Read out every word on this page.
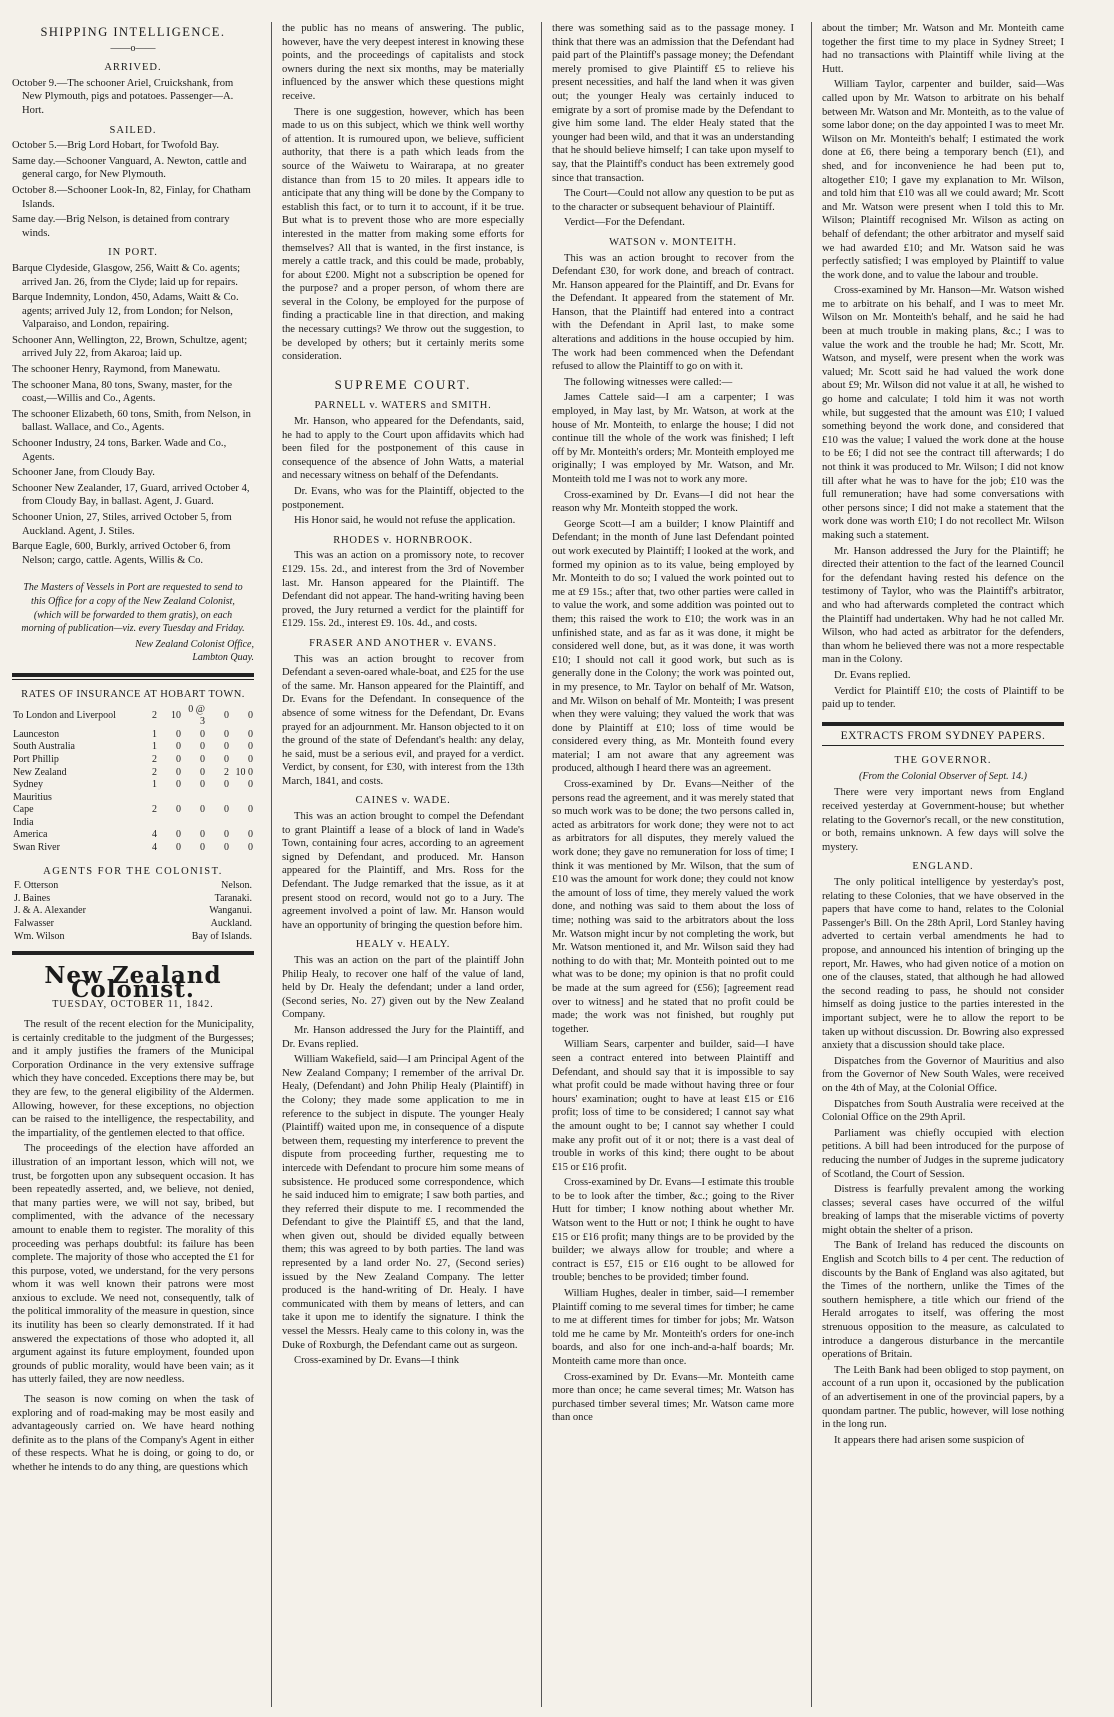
SHIPPING INTELLIGENCE.

——o——

ARRIVED.

October 9.—The schooner Ariel, Cruickshank, from New Plymouth, pigs and potatoes. Passenger—A. Hort.

SAILED.

October 5.—Brig Lord Hobart, for Twofold Bay.

Same day.—Schooner Vanguard, A. Newton, cattle and general cargo, for New Plymouth.

October 8.—Schooner Look-In, 82, Finlay, for Chatham Islands.

Same day.—Brig Nelson, is detained from contrary winds.

IN PORT.

Barque Clydeside, Glasgow, 256, Waitt & Co. agents; arrived Jan. 26, from the Clyde; laid up for repairs.

Barque Indemnity, London, 450, Adams, Waitt & Co. agents; arrived July 12, from London; for Nelson, Valparaiso, and London, repairing.

Schooner Ann, Wellington, 22, Brown, Schultze, agent; arrived July 22, from Akaroa; laid up.

The schooner Henry, Raymond, from Manewatu.

The schooner Mana, 80 tons, Swany, master, for the coast,—Willis and Co., Agents.

The schooner Elizabeth, 60 tons, Smith, from Nelson, in ballast. Wallace, and Co., Agents.

Schooner Industry, 24 tons, Barker. Wade and Co., Agents.

Schooner Jane, from Cloudy Bay.

Schooner New Zealander, 17, Guard, arrived October 4, from Cloudy Bay, in ballast. Agent, J. Guard.

Schooner Union, 27, Stiles, arrived October 5, from Auckland. Agent, J. Stiles.

Barque Eagle, 600, Burkly, arrived October 6, from Nelson; cargo, cattle. Agents, Willis & Co.

The Masters of Vessels in Port are requested to send to this Office for a copy of the New Zealand Colonist, (which will be forwarded to them gratis), on each morning of publication—viz. every Tuesday and Friday.

New Zealand Colonist Office,

Lambton Quay.

RATES OF INSURANCE AT HOBART TOWN.

To London and Liverpool	2	10	0 @ 3	0	0
Launceston	1	0	0	0	0
South Australia	1	0	0	0	0
Port Phillip	2	0	0	0	0
New Zealand	2	0	0	2	10 0
Sydney	1	0	0	0	0
Mauritius					
Cape	2	0	0	0	0
India					
America	4	0	0	0	0
Swan River	4	0	0	0	0

AGENTS FOR THE COLONIST.

F. Otterson	Nelson.
J. Baines	Taranaki.
J. & A. Alexander	Wanganui.
Falwasser	Auckland.
Wm. Wilson	Bay of Islands.

New Zealand Colonist.

TUESDAY, OCTOBER 11, 1842.

The result of the recent election for the Municipality, is certainly creditable to the judgment of the Burgesses; and it amply justifies the framers of the Municipal Corporation Ordinance in the very extensive suffrage which they have conceded. Exceptions there may be, but they are few, to the general eligibility of the Aldermen. Allowing, however, for these exceptions, no objection can be raised to the intelligence, the respectability, and the impartiality, of the gentlemen elected to that office.

The proceedings of the election have afforded an illustration of an important lesson, which will not, we trust, be forgotten upon any subsequent occasion. It has been repeatedly asserted, and, we believe, not denied, that many parties were, we will not say, bribed, but complimented, with the advance of the necessary amount to enable them to register. The morality of this proceeding was perhaps doubtful: its failure has been complete. The majority of those who accepted the £1 for this purpose, voted, we understand, for the very persons whom it was well known their patrons were most anxious to exclude. We need not, consequently, talk of the political immorality of the measure in question, since its inutility has been so clearly demonstrated. If it had answered the expectations of those who adopted it, all argument against its future employment, founded upon grounds of public morality, would have been vain; as it has utterly failed, they are now needless.

The season is now coming on when the task of exploring and of road-making may be most easily and advantageously carried on. We have heard nothing definite as to the plans of the Company's Agent in either of these respects. What he is doing, or going to do, or whether he intends to do any thing, are questions which

the public has no means of answering. The public, however, have the very deepest interest in knowing these points, and the proceedings of capitalists and stock owners during the next six months, may be materially influenced by the answer which these questions might receive.

There is one suggestion, however, which has been made to us on this subject, which we think well worthy of attention. It is rumoured upon, we believe, sufficient authority, that there is a path which leads from the source of the Waiwetu to Wairarapa, at no greater distance than from 15 to 20 miles. It appears idle to anticipate that any thing will be done by the Company to establish this fact, or to turn it to account, if it be true. But what is to prevent those who are more especially interested in the matter from making some efforts for themselves? All that is wanted, in the first instance, is merely a cattle track, and this could be made, probably, for about £200. Might not a subscription be opened for the purpose? and a proper person, of whom there are several in the Colony, be employed for the purpose of finding a practicable line in that direction, and making the necessary cuttings? We throw out the suggestion, to be developed by others; but it certainly merits some consideration.

SUPREME COURT.

PARNELL v. WATERS and SMITH.

Mr. Hanson, who appeared for the Defendants, said, he had to apply to the Court upon affidavits which had been filed for the postponement of this cause in consequence of the absence of John Watts, a material and necessary witness on behalf of the Defendants.

Dr. Evans, who was for the Plaintiff, objected to the postponement.

His Honor said, he would not refuse the application.

RHODES v. HORNBROOK.

This was an action on a promissory note, to recover £129. 15s. 2d., and interest from the 3rd of November last. Mr. Hanson appeared for the Plaintiff. The Defendant did not appear. The hand-writing having been proved, the Jury returned a verdict for the plaintiff for £129. 15s. 2d., interest £9. 10s. 4d., and costs.

FRASER AND ANOTHER v. EVANS.

This was an action brought to recover from Defendant a seven-oared whale-boat, and £25 for the use of the same. Mr. Hanson appeared for the Plaintiff, and Dr. Evans for the Defendant. In consequence of the absence of some witness for the Defendant, Dr. Evans prayed for an adjournment. Mr. Hanson objected to it on the ground of the state of Defendant's health: any delay, he said, must be a serious evil, and prayed for a verdict. Verdict, by consent, for £30, with interest from the 13th March, 1841, and costs.

CAINES v. WADE.

This was an action brought to compel the Defendant to grant Plaintiff a lease of a block of land in Wade's Town, containing four acres, according to an agreement signed by Defendant, and produced. Mr. Hanson appeared for the Plaintiff, and Mrs. Ross for the Defendant. The Judge remarked that the issue, as it at present stood on record, would not go to a Jury. The agreement involved a point of law. Mr. Hanson would have an opportunity of bringing the question before him.

HEALY v. HEALY.

This was an action on the part of the plaintiff John Philip Healy, to recover one half of the value of land, held by Dr. Healy the defendant; under a land order, (Second series, No. 27) given out by the New Zealand Company.

Mr. Hanson addressed the Jury for the Plaintiff, and Dr. Evans replied.

William Wakefield, said—I am Principal Agent of the New Zealand Company; I remember of the arrival Dr. Healy, (Defendant) and John Philip Healy (Plaintiff) in the Colony; they made some application to me in reference to the subject in dispute. The younger Healy (Plaintiff) waited upon me, in consequence of a dispute between them, requesting my interference to prevent the dispute from proceeding further, requesting me to intercede with Defendant to procure him some means of subsistence. He produced some correspondence, which he said induced him to emigrate; I saw both parties, and they referred their dispute to me. I recommended the Defendant to give the Plaintiff £5, and that the land, when given out, should be divided equally between them; this was agreed to by both parties. The land was represented by a land order No. 27, (Second series) issued by the New Zealand Company. The letter produced is the hand-writing of Dr. Healy. I have communicated with them by means of letters, and can take it upon me to identify the signature. I think the vessel the Messrs. Healy came to this colony in, was the Duke of Roxburgh, the Defendant came out as surgeon.

Cross-examined by Dr. Evans—I think

there was something said as to the passage money. I think that there was an admission that the Defendant had paid part of the Plaintiff's passage money; the Defendant merely promised to give Plaintiff £5 to relieve his present necessities, and half the land when it was given out; the younger Healy was certainly induced to emigrate by a sort of promise made by the Defendant to give him some land. The elder Healy stated that the younger had been wild, and that it was an understanding that he should believe himself; I can take upon myself to say, that the Plaintiff's conduct has been extremely good since that transaction.

The Court—Could not allow any question to be put as to the character or subsequent behaviour of Plaintiff.

Verdict—For the Defendant.

WATSON v. MONTEITH.

This was an action brought to recover from the Defendant £30, for work done, and breach of contract. Mr. Hanson appeared for the Plaintiff, and Dr. Evans for the Defendant. It appeared from the statement of Mr. Hanson, that the Plaintiff had entered into a contract with the Defendant in April last, to make some alterations and additions in the house occupied by him. The work had been commenced when the Defendant refused to allow the Plaintiff to go on with it.

The following witnesses were called:—

James Cattele said—I am a carpenter; I was employed, in May last, by Mr. Watson, at work at the house of Mr. Monteith, to enlarge the house; I did not continue till the whole of the work was finished; I left off by Mr. Monteith's orders; Mr. Monteith employed me originally; I was employed by Mr. Watson, and Mr. Monteith told me I was not to work any more.

Cross-examined by Dr. Evans—I did not hear the reason why Mr. Monteith stopped the work.

George Scott—I am a builder; I know Plaintiff and Defendant; in the month of June last Defendant pointed out work executed by Plaintiff; I looked at the work, and formed my opinion as to its value, being employed by Mr. Monteith to do so; I valued the work pointed out to me at £9 15s.; after that, two other parties were called in to value the work, and some addition was pointed out to them; this raised the work to £10; the work was in an unfinished state, and as far as it was done, it might be considered well done, but, as it was done, it was worth £10; I should not call it good work, but such as is generally done in the Colony; the work was pointed out, in my presence, to Mr. Taylor on behalf of Mr. Watson, and Mr. Wilson on behalf of Mr. Monteith; I was present when they were valuing; they valued the work that was done by Plaintiff at £10; loss of time would be considered every thing, as Mr. Monteith found every material; I am not aware that any agreement was produced, although I heard there was an agreement.

Cross-examined by Dr. Evans—Neither of the persons read the agreement, and it was merely stated that so much work was to be done; the two persons called in, acted as arbitrators for work done; they were not to act as arbitrators for all disputes, they merely valued the work done; they gave no remuneration for loss of time; I think it was mentioned by Mr. Wilson, that the sum of £10 was the amount for work done; they could not know the amount of loss of time, they merely valued the work done, and nothing was said to them about the loss of time; nothing was said to the arbitrators about the loss Mr. Watson might incur by not completing the work, but Mr. Watson mentioned it, and Mr. Wilson said they had nothing to do with that; Mr. Monteith pointed out to me what was to be done; my opinion is that no profit could be made at the sum agreed for (£56); [agreement read over to witness] and he stated that no profit could be made; the work was not finished, but roughly put together.

William Sears, carpenter and builder, said—I have seen a contract entered into between Plaintiff and Defendant, and should say that it is impossible to say what profit could be made without having three or four hours' examination; ought to have at least £15 or £16 profit; loss of time to be considered; I cannot say what the amount ought to be; I cannot say whether I could make any profit out of it or not; there is a vast deal of trouble in works of this kind; there ought to be about £15 or £16 profit.

Cross-examined by Dr. Evans—I estimate this trouble to be to look after the timber, &c.; going to the River Hutt for timber; I know nothing about whether Mr. Watson went to the Hutt or not; I think he ought to have £15 or £16 profit; many things are to be provided by the builder; we always allow for trouble; and where a contract is £57, £15 or £16 ought to be allowed for trouble; benches to be provided; timber found.

William Hughes, dealer in timber, said—I remember Plaintiff coming to me several times for timber; he came to me at different times for timber for jobs; Mr. Watson told me he came by Mr. Monteith's orders for one-inch boards, and also for one inch-and-a-half boards; Mr. Monteith came more than once.

Cross-examined by Dr. Evans—Mr. Monteith came more than once; he came several times; Mr. Watson has purchased timber several times; Mr. Watson came more than once

about the timber; Mr. Watson and Mr. Monteith came together the first time to my place in Sydney Street; I had no transactions with Plaintiff while living at the Hutt.

William Taylor, carpenter and builder, said—Was called upon by Mr. Watson to arbitrate on his behalf between Mr. Watson and Mr. Monteith, as to the value of some labor done; on the day appointed I was to meet Mr. Wilson on Mr. Monteith's behalf; I estimated the work done at £6, there being a temporary bench (£1), and shed, and for inconvenience he had been put to, altogether £10; I gave my explanation to Mr. Wilson, and told him that £10 was all we could award; Mr. Scott and Mr. Watson were present when I told this to Mr. Wilson; Plaintiff recognised Mr. Wilson as acting on behalf of defendant; the other arbitrator and myself said we had awarded £10; and Mr. Watson said he was perfectly satisfied; I was employed by Plaintiff to value the work done, and to value the labour and trouble.

Cross-examined by Mr. Hanson—Mr. Watson wished me to arbitrate on his behalf, and I was to meet Mr. Wilson on Mr. Monteith's behalf, and he said he had been at much trouble in making plans, &c.; I was to value the work and the trouble he had; Mr. Scott, Mr. Watson, and myself, were present when the work was valued; Mr. Scott said he had valued the work done about £9; Mr. Wilson did not value it at all, he wished to go home and calculate; I told him it was not worth while, but suggested that the amount was £10; I valued something beyond the work done, and considered that £10 was the value; I valued the work done at the house to be £6; I did not see the contract till afterwards; I do not think it was produced to Mr. Wilson; I did not know till after what he was to have for the job; £10 was the full remuneration; have had some conversations with other persons since; I did not make a statement that the work done was worth £10; I do not recollect Mr. Wilson making such a statement.

Mr. Hanson addressed the Jury for the Plaintiff; he directed their attention to the fact of the learned Council for the defendant having rested his defence on the testimony of Taylor, who was the Plaintiff's arbitrator, and who had afterwards completed the contract which the Plaintiff had undertaken. Why had he not called Mr. Wilson, who had acted as arbitrator for the defenders, than whom he believed there was not a more respectable man in the Colony.

Dr. Evans replied.

Verdict for Plaintiff £10; the costs of Plaintiff to be paid up to tender.

EXTRACTS FROM SYDNEY PAPERS.

THE GOVERNOR.

(From the Colonial Observer of Sept. 14.)

There were very important news from England received yesterday at Government-house; but whether relating to the Governor's recall, or the new constitution, or both, remains unknown. A few days will solve the mystery.

ENGLAND.

The only political intelligence by yesterday's post, relating to these Colonies, that we have observed in the papers that have come to hand, relates to the Colonial Passenger's Bill. On the 28th April, Lord Stanley having adverted to certain verbal amendments he had to propose, and announced his intention of bringing up the report, Mr. Hawes, who had given notice of a motion on one of the clauses, stated, that although he had allowed the second reading to pass, he should not consider himself as doing justice to the parties interested in the important subject, were he to allow the report to be taken up without discussion. Dr. Bowring also expressed anxiety that a discussion should take place.

Dispatches from the Governor of Mauritius and also from the Governor of New South Wales, were received on the 4th of May, at the Colonial Office.

Dispatches from South Australia were received at the Colonial Office on the 29th April.

Parliament was chiefly occupied with election petitions. A bill had been introduced for the purpose of reducing the number of Judges in the supreme judicatory of Scotland, the Court of Session.

Distress is fearfully prevalent among the working classes; several cases have occurred of the wilful breaking of lamps that the miserable victims of poverty might obtain the shelter of a prison.

The Bank of Ireland has reduced the discounts on English and Scotch bills to 4 per cent. The reduction of discounts by the Bank of England was also agitated, but the Times of the northern, unlike the Times of the southern hemisphere, a title which our friend of the Herald arrogates to itself, was offering the most strenuous opposition to the measure, as calculated to introduce a dangerous disturbance in the mercantile operations of Britain.

The Leith Bank had been obliged to stop payment, on account of a run upon it, occasioned by the publication of an advertisement in one of the provincial papers, by a quondam partner. The public, however, will lose nothing in the long run.

It appears there had arisen some suspicion of
